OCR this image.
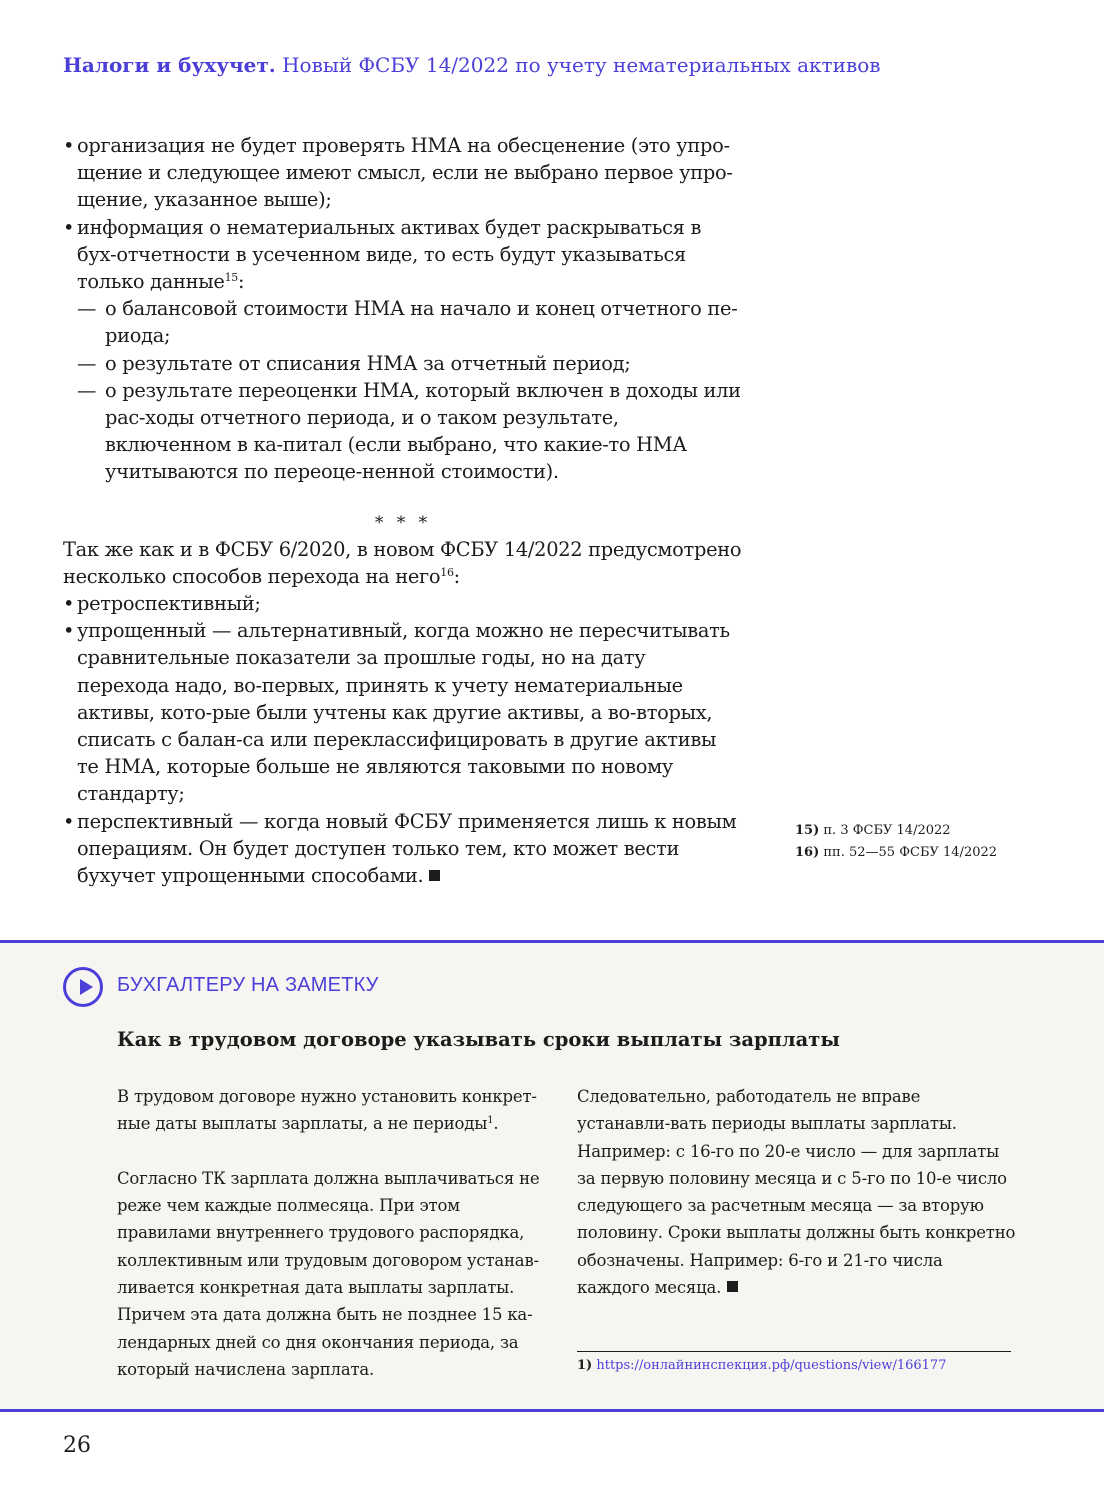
Налоги и бухучет. Новый ФСБУ 14/2022 по учету нематериальных активов

• организация не будет проверять НМА на обесценение (это упро-щение и следующее имеют смысл, если не выбрано первое упро-щение, указанное выше);

• информация о нематериальных активах будет раскрываться в бух-отчетности в усеченном виде, то есть будут указываться только данные$^{15}$:

— о балансовой стоимости НМА на начало и конец отчетного пе-риода;

— о результате от списания НМА за отчетный период;

— о результате переоценки НМА, который включен в доходы или рас-ходы отчетного периода, и о таком результате, включенном в ка-питал (если выбрано, что какие-то НМА учитываются по переоце-ненной стоимости).

* * *

Так же как и в ФСБУ 6/2020, в новом ФСБУ 14/2022 предусмотрено несколько способов перехода на него$^{16}$:

• ретроспективный;

• упрощенный — альтернативный, когда можно не пересчитывать сравнительные показатели за прошлые годы, но на дату перехода надо, во-первых, принять к учету нематериальные активы, кото-рые были учтены как другие активы, а во-вторых, списать с балан-са или переклассифицировать в другие активы те НМА, которые больше не являются таковыми по новому стандарту;

• перспективный — когда новый ФСБУ применяется лишь к новым операциям. Он будет доступен только тем, кто может вести бухучет упрощенными способами.

15) п. 3 ФСБУ 14/2022
16) пп. 52—55 ФСБУ 14/2022
БУХГАЛТЕРУ НА ЗАМЕТКУ
Как в трудовом договоре указывать сроки выплаты зарплаты

В трудовом договоре нужно установить конкрет-ные даты выплаты зарплаты, а не периоды$^1$.

Согласно ТК зарплата должна выплачиваться не реже чем каждые полмесяца. При этом правилами внутреннего трудового распорядка, коллективным или трудовым договором устанав-ливается конкретная дата выплаты зарплаты. Причем эта дата должна быть не позднее 15 ка-лендарных дней со дня окончания периода, за который начислена зарплата.

Следовательно, работодатель не вправе устанавли-вать периоды выплаты зарплаты. Например: с 16-го по 20-е число — для зарплаты за первую половину месяца и с 5-го по 10-е число следующего за расчетным месяца — за вторую половину. Сроки выплаты должны быть конкретно обозначены. Например: 6-го и 21-го числа каждого месяца.

1) https://онлайнинспекция.рф/questions/view/166177
26
